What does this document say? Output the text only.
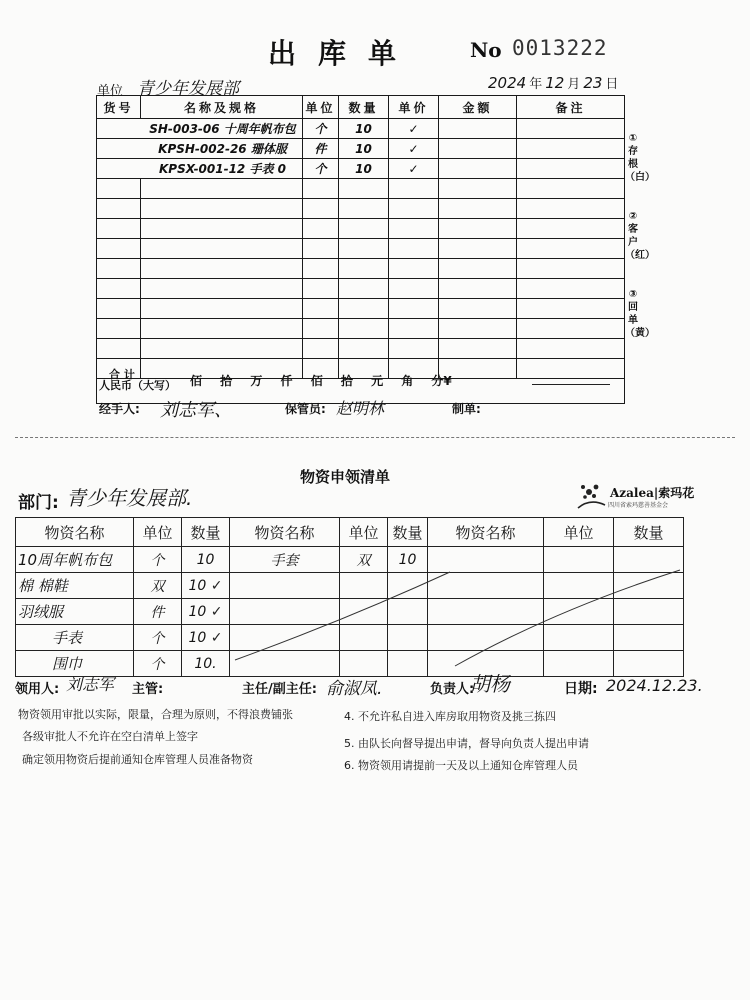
出库单	No 0013222
单位 青少年发展部	2024 年 12 月 23 日
货号	名称及规格	单位	数量	单价	金额	备注
SH-003-06 十周年帆布包		个	10	✓		
KPSH-002-26 珊体服		件	10	✓		
KPSX-001-12 手表 0		个	10	✓		

①存根（白）
②客户（红）
③回单（黄）
合 计
人民币（大写） 佰 拾 万 仟 佰 拾 元 角 分¥
经手人: 刘志军、	保管员: 赵明林	制单:
物资申领清单
部门: 青少年发展部.	Azalea|索玛花
四川省索玛慈善基金会
物资名称	单位	数量	物资名称	单位	数量	物资名称	单位	数量
10周年帆布包	个	10	手套	双	10			
棉 棉鞋	双	10 ✓						
羽绒服	件	10 ✓						
手表	个	10 ✓						
围巾	个	10.						
领用人:	主管:	主任/副主任:	负责人:	日期:
刘志军	俞淑凤.	胡杨	2024.12.23.
物资领用审批以实际，限量，合理为原则，不得浪费铺张
各级审批人不允许在空白清单上签字
确定领用物资后提前通知仓库管理人员准备物资
4. 不允许私自进入库房取用物资及挑三拣四
5. 由队长向督导提出申请，督导向负责人提出申请
6. 物资领用请提前一天及以上通知仓库管理人员
